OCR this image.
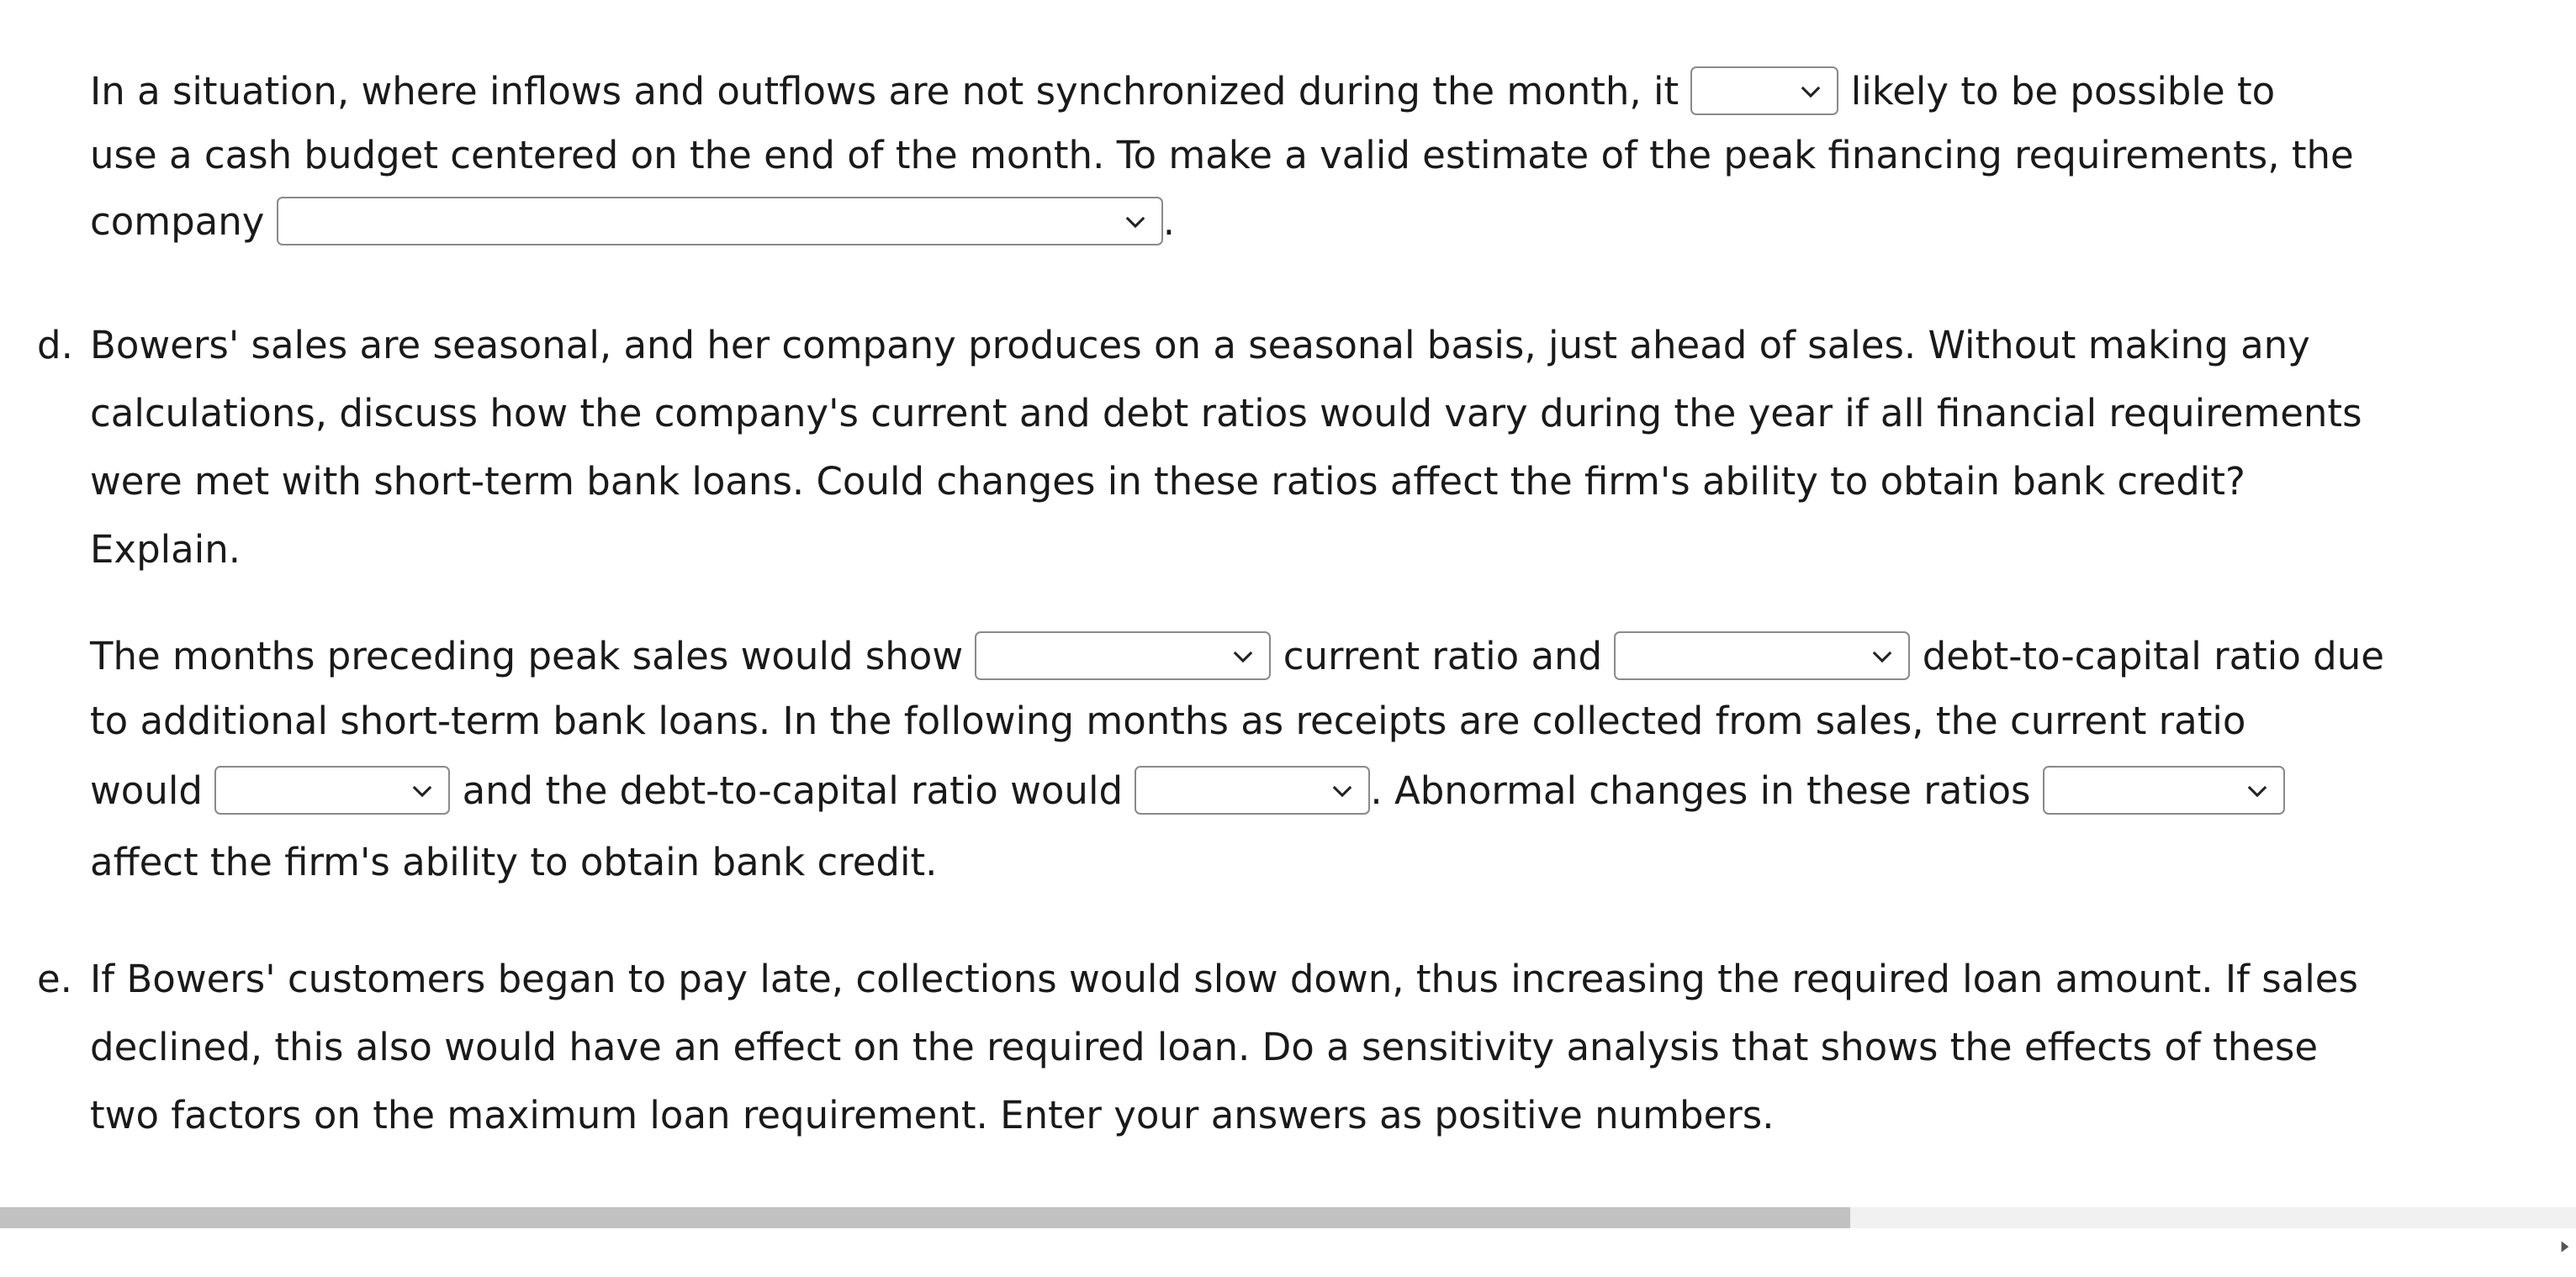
In a situation, where inflows and outflows are not synchronized during the month, it	likely to be possible to
use a cash budget centered on the end of the month. To make a valid estimate of the peak financing requirements, the
company	.
d. Bowers' sales are seasonal, and her company produces on a seasonal basis, just ahead of sales. Without making any
calculations, discuss how the company's current and debt ratios would vary during the year if all financial requirements
were met with short-term bank loans. Could changes in these ratios affect the firm's ability to obtain bank credit?
Explain.
The months preceding peak sales would show	current ratio and	debt-to-capital ratio due
to additional short-term bank loans. In the following months as receipts are collected from sales, the current ratio
would	and the debt-to-capital ratio would	. Abnormal changes in these ratios
affect the firm's ability to obtain bank credit.
e. If Bowers' customers began to pay late, collections would slow down, thus increasing the required loan amount. If sales
declined, this also would have an effect on the required loan. Do a sensitivity analysis that shows the effects of these
two factors on the maximum loan requirement. Enter your answers as positive numbers.
